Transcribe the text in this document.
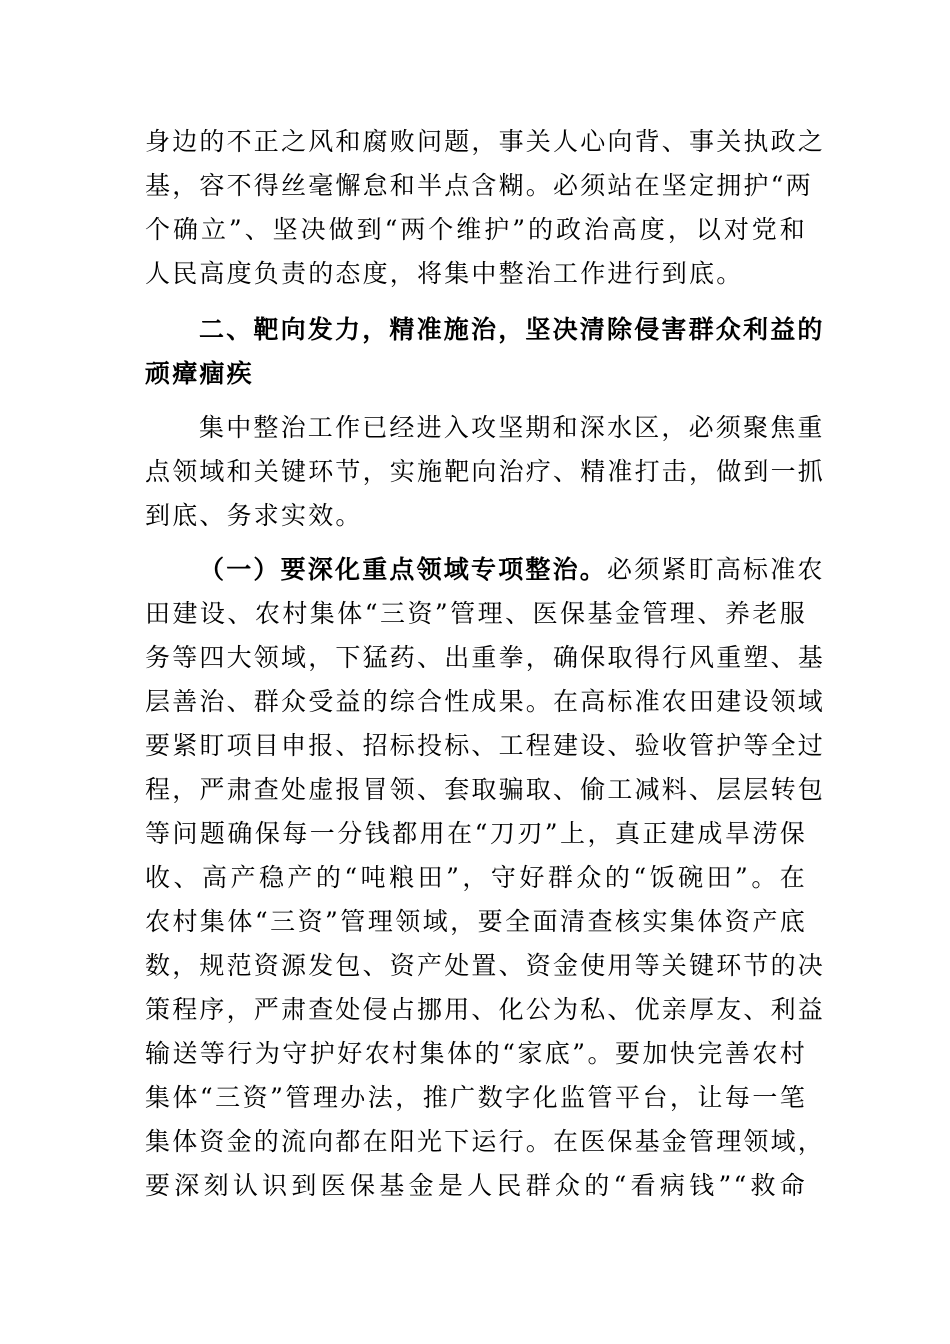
身边的不正之风和腐败问题，事关人心向背、事关执政之
基，容不得丝毫懈怠和半点含糊。必须站在坚定拥护“两
个确立”、坚决做到“两个维护”的政治高度，以对党和
人民高度负责的态度，将集中整治工作进行到底。
二、靶向发力，精准施治，坚决清除侵害群众利益的
顽瘴痼疾
集中整治工作已经进入攻坚期和深水区，必须聚焦重
点领域和关键环节，实施靶向治疗、精准打击，做到一抓
到底、务求实效。
（一）要深化重点领域专项整治。必须紧盯高标准农
田建设、农村集体“三资”管理、医保基金管理、养老服
务等四大领域，下猛药、出重拳，确保取得行风重塑、基
层善治、群众受益的综合性成果。在高标准农田建设领域
要紧盯项目申报、招标投标、工程建设、验收管护等全过
程，严肃查处虚报冒领、套取骗取、偷工减料、层层转包
等问题确保每一分钱都用在“刀刃”上，真正建成旱涝保
收、高产稳产的“吨粮田”，守好群众的“饭碗田”。在
农村集体“三资”管理领域，要全面清查核实集体资产底
数，规范资源发包、资产处置、资金使用等关键环节的决
策程序，严肃查处侵占挪用、化公为私、优亲厚友、利益
输送等行为守护好农村集体的“家底”。要加快完善农村
集体“三资”管理办法，推广数字化监管平台，让每一笔
集体资金的流向都在阳光下运行。在医保基金管理领域，
要深刻认识到医保基金是人民群众的“看病钱”“救命
